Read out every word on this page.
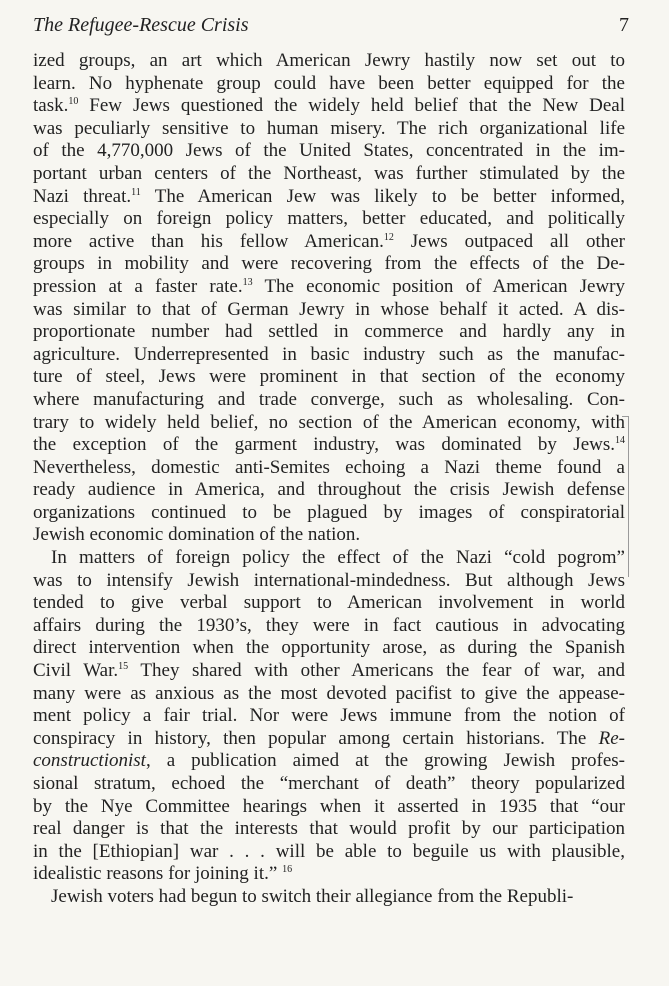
The Refugee-Rescue Crisis	7

ized groups, an art which American Jewry hastily now set out to
learn. No hyphenate group could have been better equipped for the
task.$^{10}$ Few Jews questioned the widely held belief that the New Deal
was peculiarly sensitive to human misery. The rich organizational life
of the 4,770,000 Jews of the United States, concentrated in the im-
portant urban centers of the Northeast, was further stimulated by the
Nazi threat.$^{11}$ The American Jew was likely to be better informed,
especially on foreign policy matters, better educated, and politically
more active than his fellow American.$^{12}$ Jews outpaced all other
groups in mobility and were recovering from the effects of the De-
pression at a faster rate.$^{13}$ The economic position of American Jewry
was similar to that of German Jewry in whose behalf it acted. A dis-
proportionate number had settled in commerce and hardly any in
agriculture. Underrepresented in basic industry such as the manufac-
ture of steel, Jews were prominent in that section of the economy
where manufacturing and trade converge, such as wholesaling. Con-
trary to widely held belief, no section of the American economy, with
the exception of the garment industry, was dominated by Jews.$^{14}$
Nevertheless, domestic anti-Semites echoing a Nazi theme found a
ready audience in America, and throughout the crisis Jewish defense
organizations continued to be plagued by images of conspiratorial
Jewish economic domination of the nation.

In matters of foreign policy the effect of the Nazi “cold pogrom”
was to intensify Jewish international-mindedness. But although Jews
tended to give verbal support to American involvement in world
affairs during the 1930’s, they were in fact cautious in advocating
direct intervention when the opportunity arose, as during the Spanish
Civil War.$^{15}$ They shared with other Americans the fear of war, and
many were as anxious as the most devoted pacifist to give the appease-
ment policy a fair trial. Nor were Jews immune from the notion of
conspiracy in history, then popular among certain historians. The Re-
constructionist, a publication aimed at the growing Jewish profes-
sional stratum, echoed the “merchant of death” theory popularized
by the Nye Committee hearings when it asserted in 1935 that “our
real danger is that the interests that would profit by our participation
in the [Ethiopian] war . . . will be able to beguile us with plausible,
idealistic reasons for joining it.” $^{16}$

Jewish voters had begun to switch their allegiance from the Republi-
